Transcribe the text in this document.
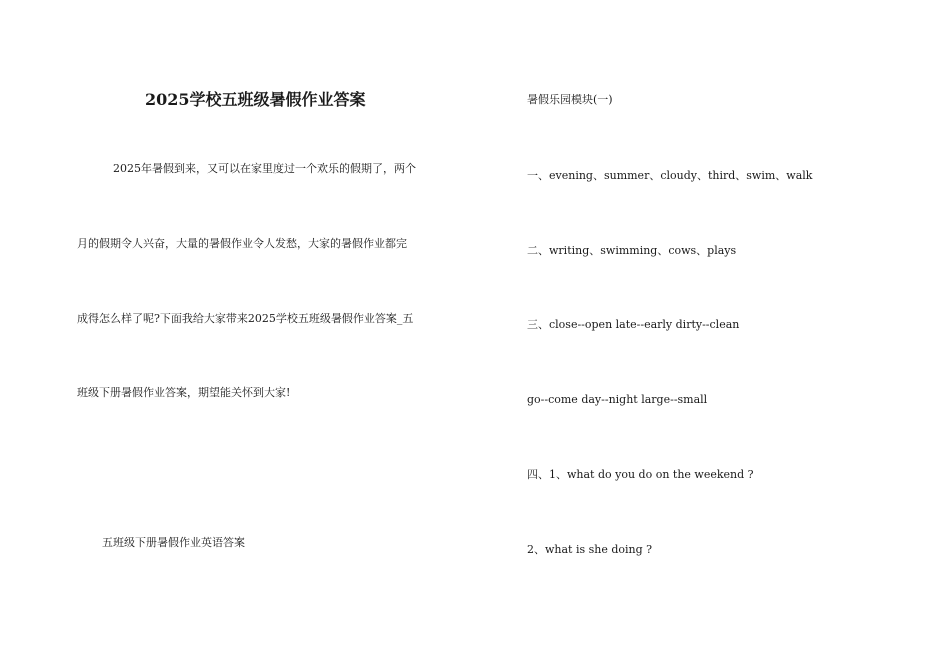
2025学校五班级暑假作业答案
2025年暑假到来，又可以在家里度过一个欢乐的假期了，两个
月的假期令人兴奋，大量的暑假作业令人发愁，大家的暑假作业都完
成得怎么样了呢?下面我给大家带来2025学校五班级暑假作业答案_五
班级下册暑假作业答案，期望能关怀到大家!
五班级下册暑假作业英语答案
暑假乐园模块(一)
一、evening、summer、cloudy、third、swim、walk
二、writing、swimming、cows、plays
三、close--open late--early dirty--clean
go--come day--night large--small
四、1、what do you do on the weekend ?
2、what is she doing ?
